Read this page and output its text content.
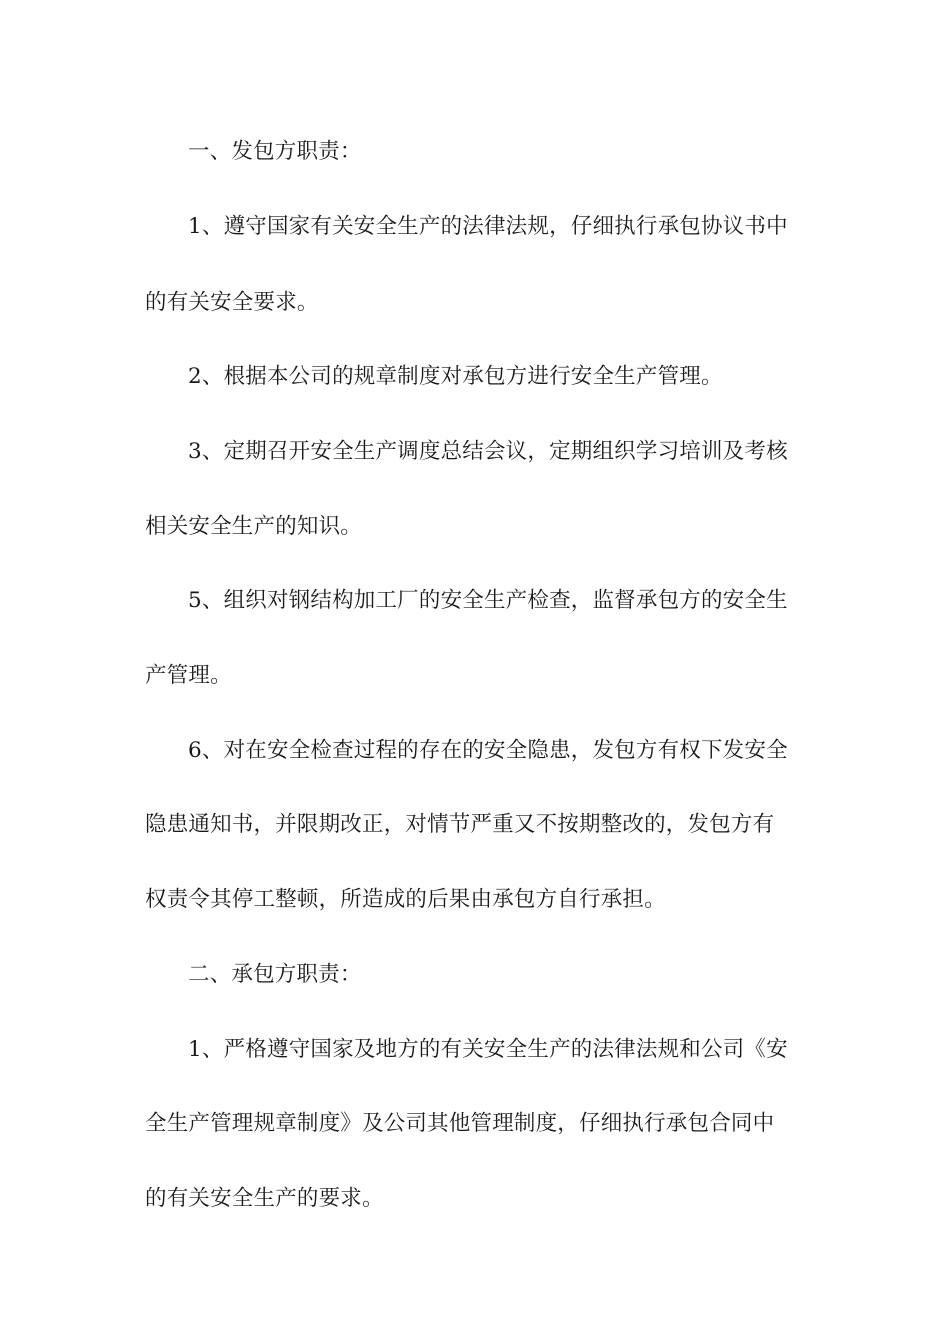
一、发包方职责：
1、遵守国家有关安全生产的法律法规，仔细执行承包协议书中
的有关安全要求。
2、根据本公司的规章制度对承包方进行安全生产管理。
3、定期召开安全生产调度总结会议，定期组织学习培训及考核
相关安全生产的知识。
5、组织对钢结构加工厂的安全生产检查，监督承包方的安全生
产管理。
6、对在安全检查过程的存在的安全隐患，发包方有权下发安全
隐患通知书，并限期改正，对情节严重又不按期整改的，发包方有
权责令其停工整顿，所造成的后果由承包方自行承担。
二、承包方职责：
1、严格遵守国家及地方的有关安全生产的法律法规和公司《安
全生产管理规章制度》及公司其他管理制度，仔细执行承包合同中
的有关安全生产的要求。
